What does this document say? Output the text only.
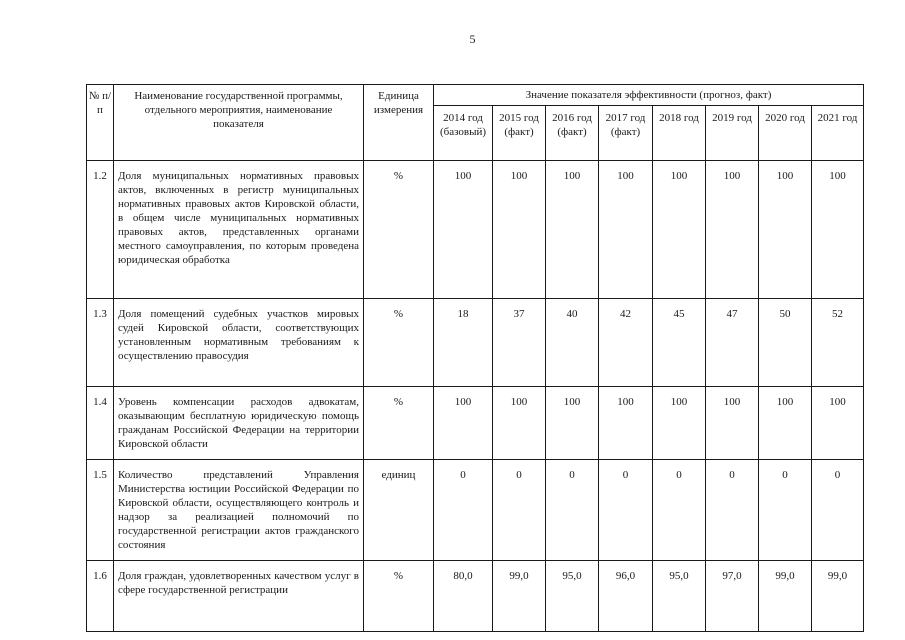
5
№ п/п	Наименование государственной программы, отдельного мероприятия, наименование показателя	Единица измерения	Значение показателя эффективности (прогноз, факт)							
			2014 год (базовый)	2015 год (факт)	2016 год (факт)	2017 год (факт)	2018 год	2019 год	2020 год	2021 год
1.2	Доля муниципальных нормативных правовых актов, включенных в регистр муниципальных нормативных правовых актов Кировской области, в общем числе муниципальных нормативных правовых актов, представленных органами местного самоуправления, по которым проведена юридическая обработка	%	100	100	100	100	100	100	100	100
1.3	Доля помещений судебных участков мировых судей Кировской области, соответствующих установленным нормативным требованиям к осуществлению правосудия	%	18	37	40	42	45	47	50	52
1.4	Уровень компенсации расходов адвокатам, оказывающим бесплатную юридическую помощь гражданам Российской Федерации на территории Кировской области	%	100	100	100	100	100	100	100	100
1.5	Количество представлений Управления Министерства юстиции Российской Федерации по Кировской области, осуществляющего контроль и надзор за реализацией полномочий по государственной регистрации актов гражданского состояния	единиц	0	0	0	0	0	0	0	0
1.6	Доля граждан, удовлетворенных качеством услуг в сфере государственной регистрации	%	80,0	99,0	95,0	96,0	95,0	97,0	99,0	99,0
